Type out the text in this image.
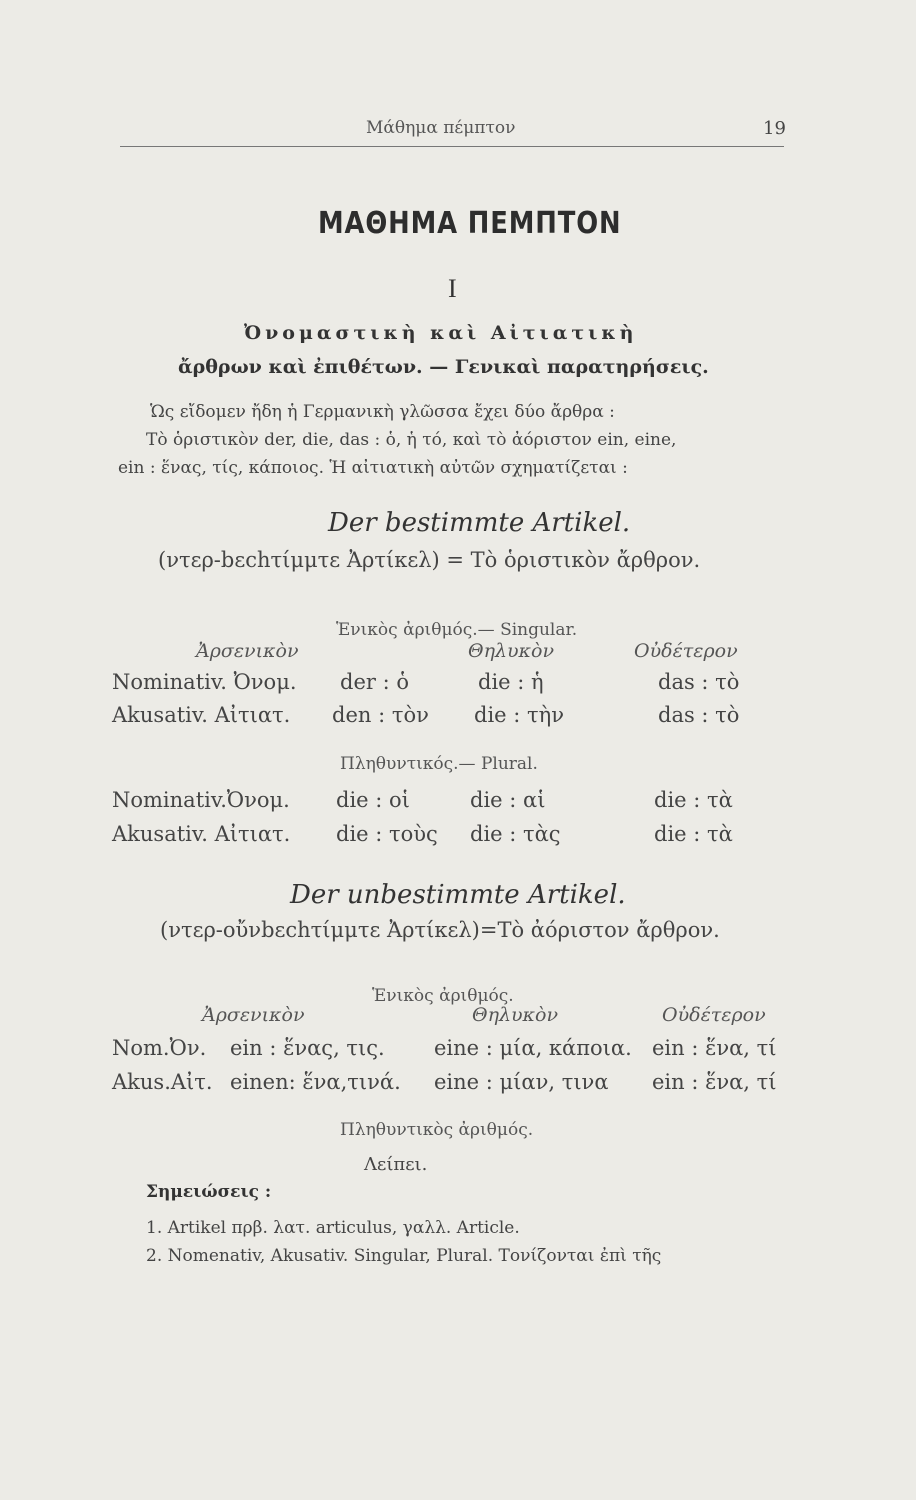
Μάθημα πέμπτον	19
ΜΑΘΗΜΑ ΠΕΜΠΤΟΝ
I
Ὀνομαστικὴ καὶ Αἰτιατικὴ
ἄρθρων καὶ ἐπιθέτων. — Γενικαὶ παρατηρήσεις.
Ὡς εἴδομεν ἤδη ἡ Γερμανικὴ γλῶσσα ἔχει δύο ἄρθρα :
Τὸ ὁριστικὸν der, die, das : ὁ, ἡ τό, καὶ τὸ ἀόριστον ein, eine,
ein : ἕνας, τίς, κάποιος. Ἡ αἰτιατικὴ αὐτῶν σχηματίζεται :
Der bestimmte Artikel.
(ντερ-bεchτίμμτε Ἀρτίκελ) = Τὸ ὁριστικὸν ἄρθρον.
Ἑνικὸς ἀριθμός.— Singular.
Ἀρσενικὸν	Θηλυκὸν	Οὐδέτερον
Nominativ. Ὀνομ. der : ὁ	die : ἡ	das : τὸ
Akusativ. Αἰτιατ. den : τὸν die : τὴν	das : τὸ
Πληθυντικός.— Plural.
Nominativ.Ὀνομ. die : οἱ	die : αἱ	die : τὰ
Akusativ. Αἰτιατ. die : τοὺς die : τὰς	die : τὰ
Der unbestimmte Artikel.
(ντερ-οὔνbεchτίμμτε Ἀρτίκελ)=Τὸ ἀόριστον ἄρθρον.
Ἑνικὸς ἀριθμός.
Ἀρσενικὸν	Θηλυκὸν	Οὐδέτερον
Nom.Ὀν. ein : ἕνας, τις. eine : μία, κάποια. ein : ἕνα, τί
Akus.Αἰτ. einen: ἕνα,τινά. eine : μίαν, τινα ein : ἕνα, τί
Πληθυντικὸς ἀριθμός.
Λείπει.
Σημειώσεις :
1. Artikel πρβ. λατ. articulus, γαλλ. Article.
2. Nomenativ, Akusativ. Singular, Plural. Τονίζονται ἐπὶ τῆς
